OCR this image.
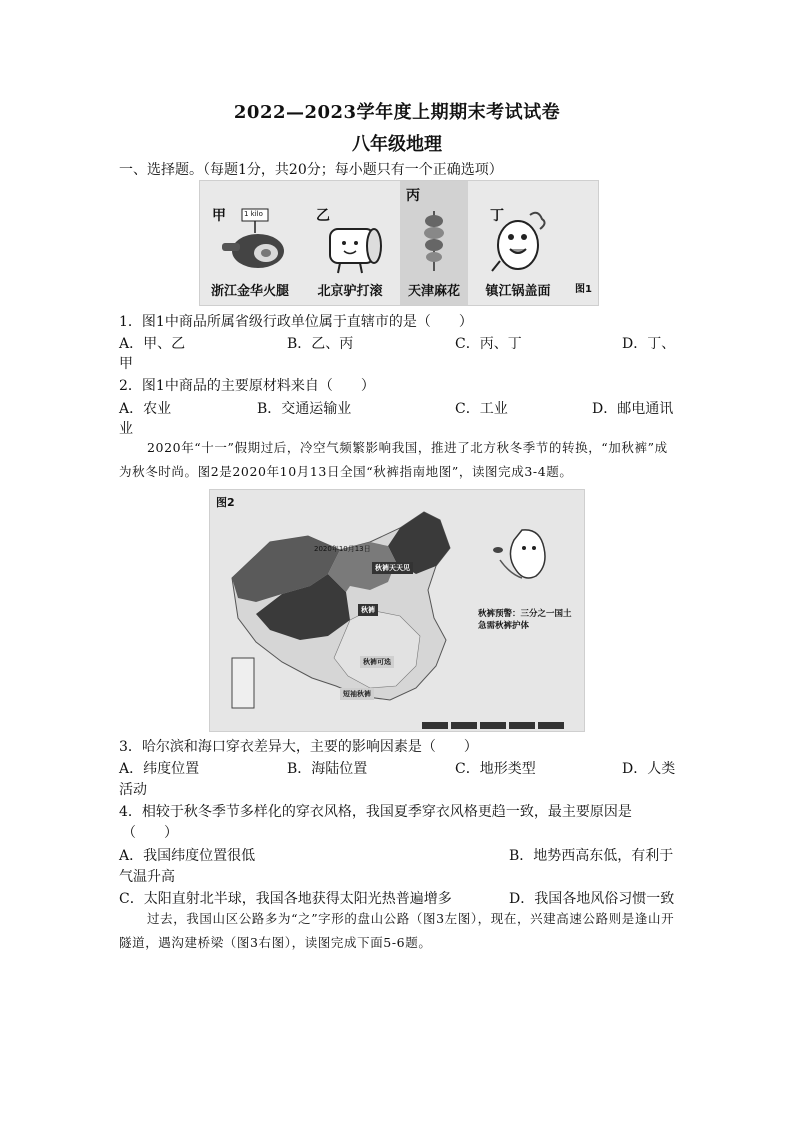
2022—2023学年度上期期末考试试卷
八年级地理
一、选择题。（每题1分，共20分；每小题只有一个正确选项）
甲	1 kilo
浙江金华火腿
乙
北京驴打滚
丙
天津麻花
丁
镇江锅盖面	图1
1．图1中商品所属省级行政单位属于直辖市的是（　　）
A．甲、乙	B．乙、丙	C．丙、丁	D．丁、
甲
2．图1中商品的主要原材料来自（　　）
A．农业	B．交通运输业	C．工业	D．邮电通讯
业
2020年“十一”假期过后，冷空气频繁影响我国，推进了北方秋冬季节的转换，“加秋裤”成为秋冬时尚。图2是2020年10月13日全国“秋裤指南地图”，读图完成3-4题。
图2
2020年10月13日
秋裤天天见
秋裤
秋裤可选
短袖秋裤
秋裤预警：三分之一国土急需秋裤护体
3．哈尔滨和海口穿衣差异大，主要的影响因素是（　　）
A．纬度位置	B．海陆位置	C．地形类型	D．人类
活动
4．相较于秋冬季节多样化的穿衣风格，我国夏季穿衣风格更趋一致，最主要原因是
（　　）
A．我国纬度位置很低	B．地势西高东低，有利于
气温升高
C．太阳直射北半球，我国各地获得太阳光热普遍增多	D．我国各地风俗习惯一致
过去，我国山区公路多为“之”字形的盘山公路（图3左图），现在，兴建高速公路则是逢山开隧道，遇沟建桥梁（图3右图），读图完成下面5-6题。
